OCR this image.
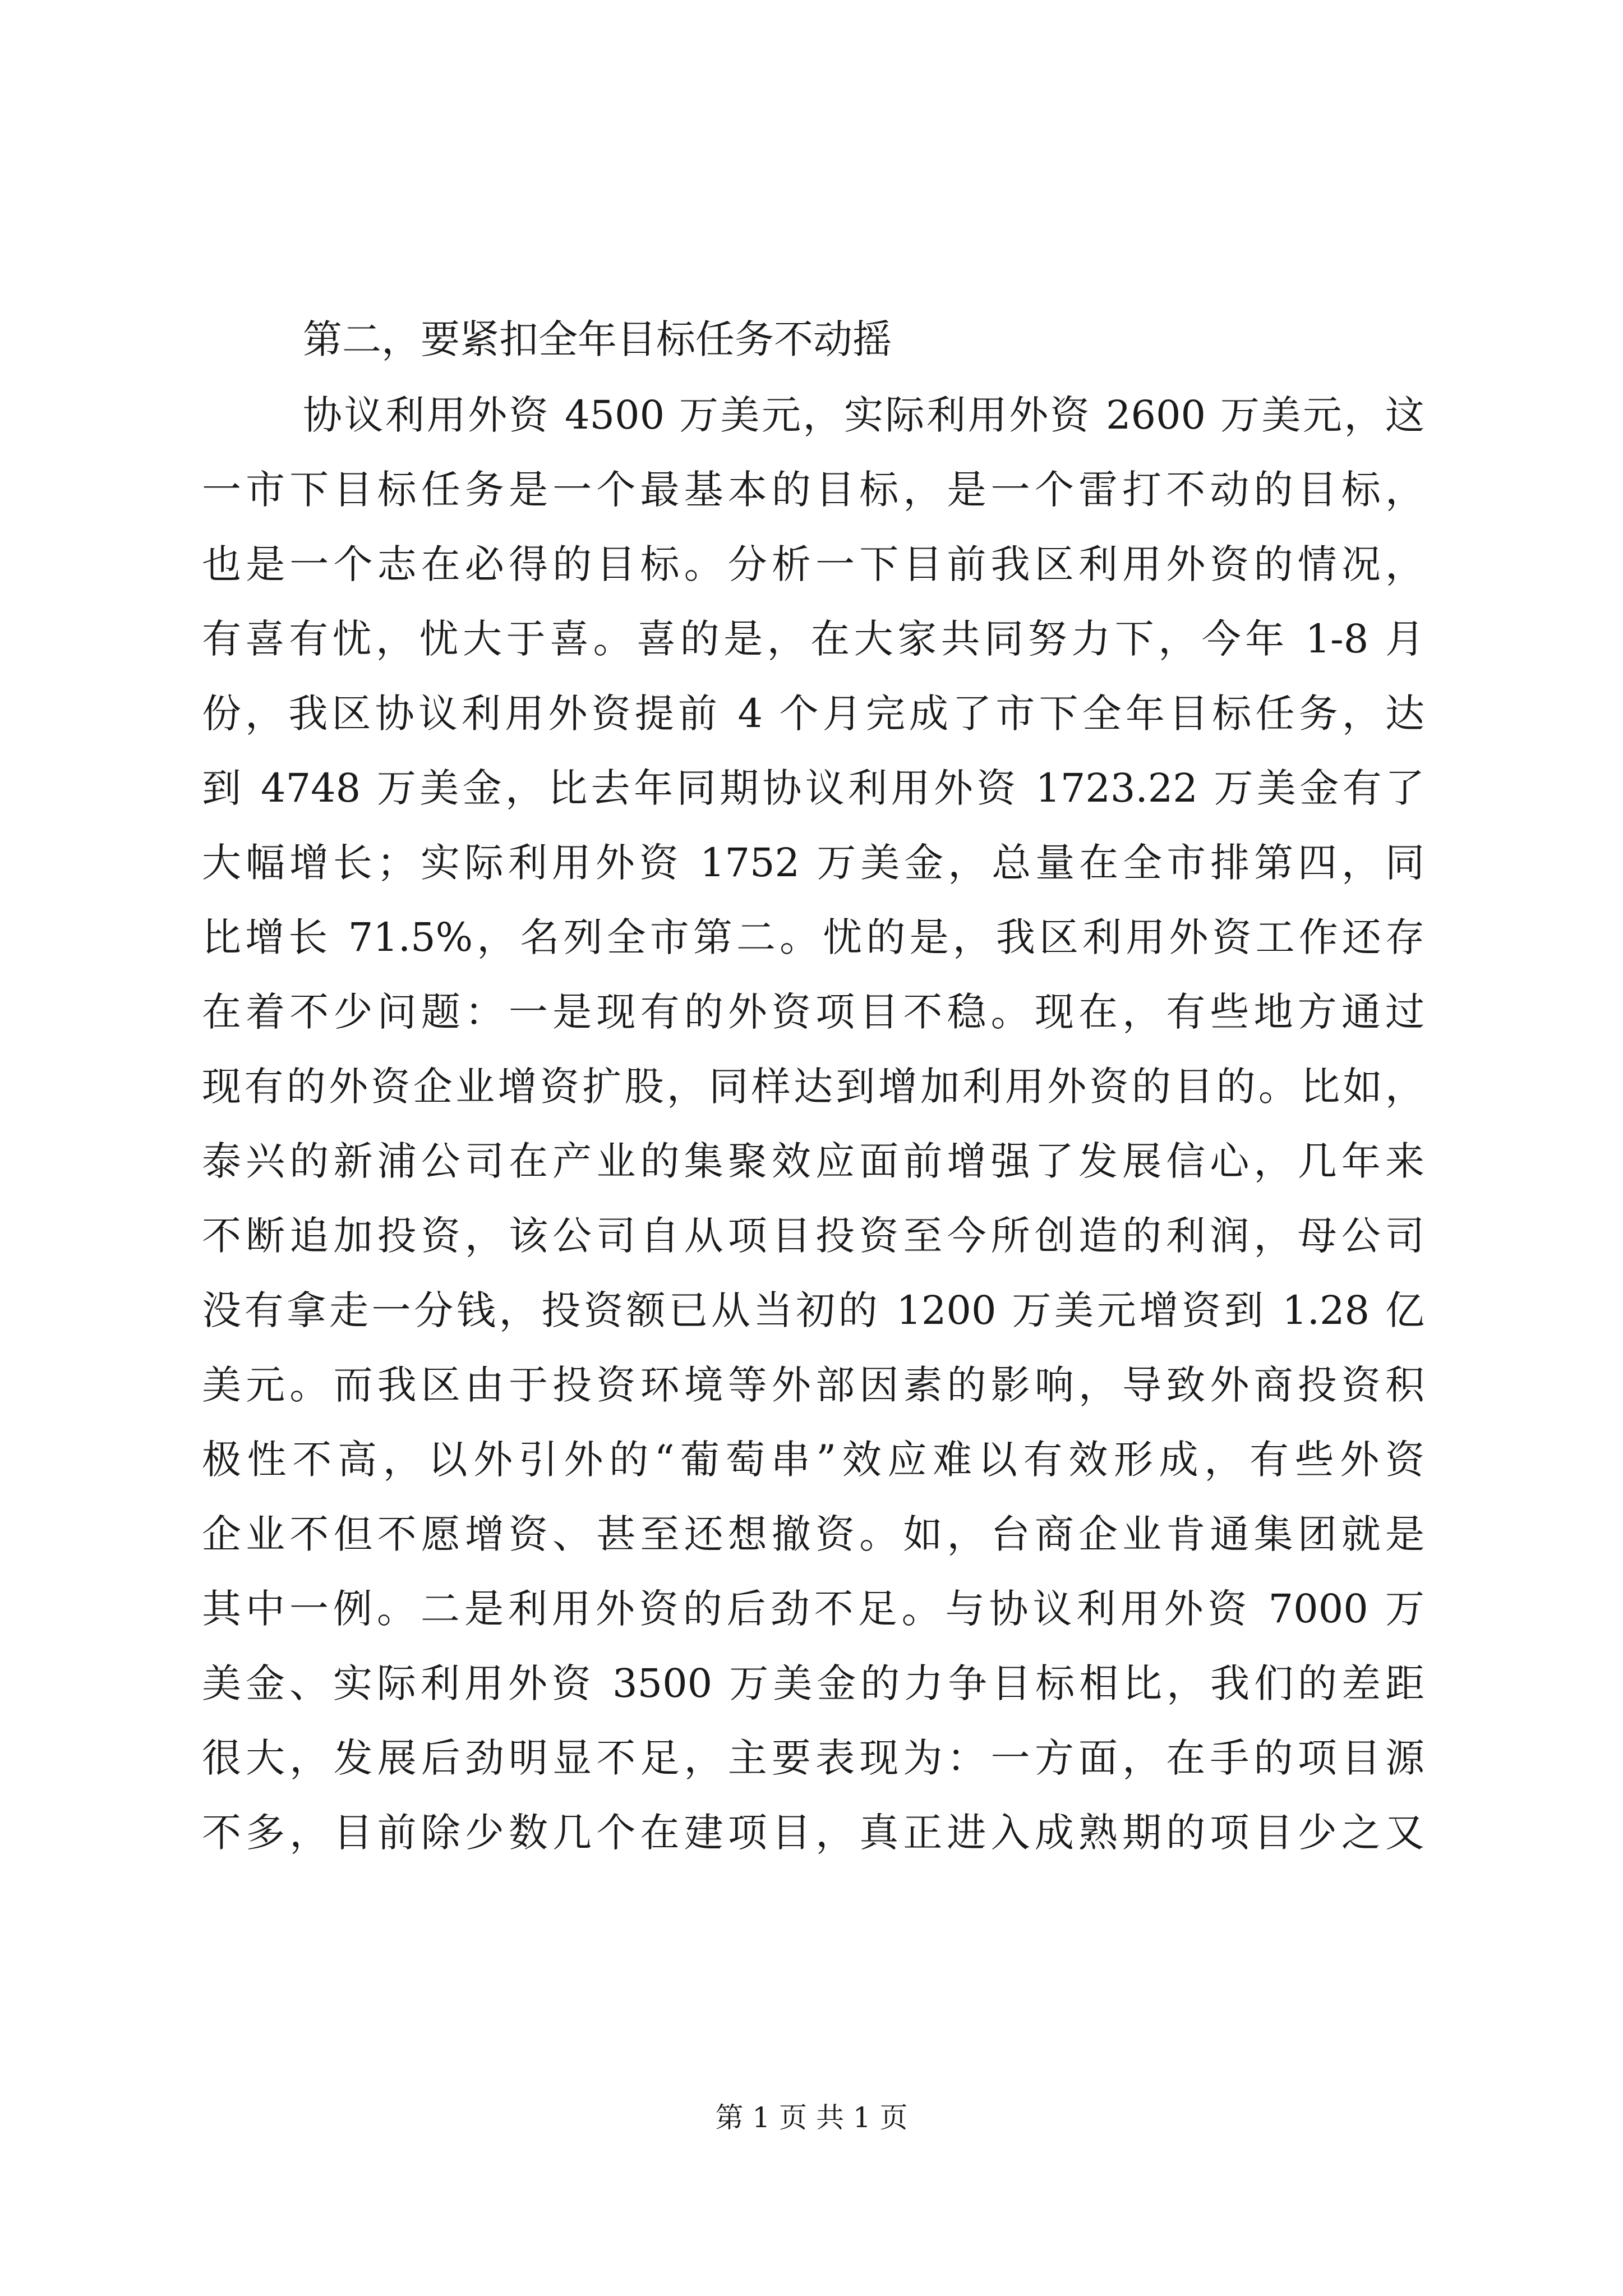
第二，要紧扣全年目标任务不动摇
协议利用外资 4500 万美元，实际利用外资 2600 万美元，这
一市下目标任务是一个最基本的目标，是一个雷打不动的目标，
也是一个志在必得的目标。分析一下目前我区利用外资的情况，
有喜有忧，忧大于喜。喜的是，在大家共同努力下，今年 1-8 月
份，我区协议利用外资提前 4 个月完成了市下全年目标任务，达
到 4748 万美金，比去年同期协议利用外资 1723.22 万美金有了
大幅增长；实际利用外资 1752 万美金，总量在全市排第四，同
比增长 71.5%，名列全市第二。忧的是，我区利用外资工作还存
在着不少问题：一是现有的外资项目不稳。现在，有些地方通过
现有的外资企业增资扩股，同样达到增加利用外资的目的。比如，
泰兴的新浦公司在产业的集聚效应面前增强了发展信心，几年来
不断追加投资，该公司自从项目投资至今所创造的利润，母公司
没有拿走一分钱，投资额已从当初的 1200 万美元增资到 1.28 亿
美元。而我区由于投资环境等外部因素的影响，导致外商投资积
极性不高，以外引外的“葡萄串”效应难以有效形成，有些外资
企业不但不愿增资、甚至还想撤资。如，台商企业肯通集团就是
其中一例。二是利用外资的后劲不足。与协议利用外资 7000 万
美金、实际利用外资 3500 万美金的力争目标相比，我们的差距
很大，发展后劲明显不足，主要表现为：一方面，在手的项目源
不多，目前除少数几个在建项目，真正进入成熟期的项目少之又
第 1 页 共 1 页
